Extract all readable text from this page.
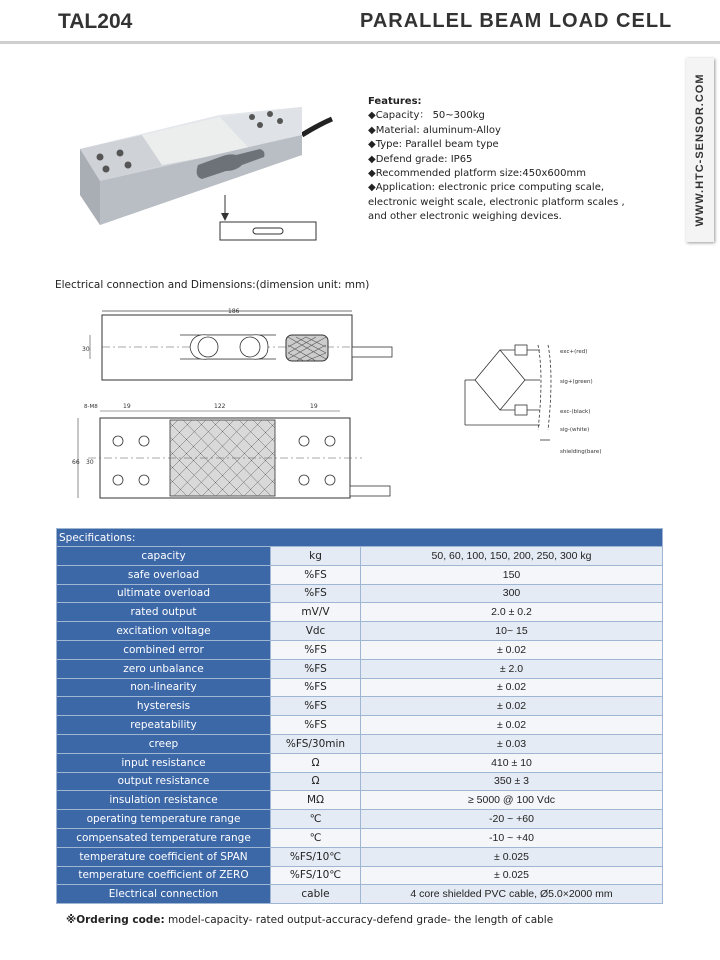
TAL204	PARALLEL BEAM LOAD CELL
WWW.HTC-SENSOR.COM
Features:
◆Capacity： 50~300kg
◆Material: aluminum-Alloy
◆Type: Parallel beam type
◆Defend grade: IP65
◆Recommended platform size:450x600mm
◆Application: electronic price computing scale,
electronic weight scale, electronic platform scales ,
and other electronic weighing devices.
Electrical connection and Dimensions:(dimension unit: mm)
186
30
8-M8	19	122	19
66 30
exc+(red)
sig+(green)
exc-(black)
sig-(white)
shielding(bare)
Specifications:		
capacity	kg	50, 60, 100, 150, 200, 250, 300 kg
safe overload	%FS	150
ultimate overload	%FS	300
rated output	mV/V	2.0 ± 0.2
excitation voltage	Vdc	10~ 15
combined error	%FS	± 0.02
zero unbalance	%FS	± 2.0
non-linearity	%FS	± 0.02
hysteresis	%FS	± 0.02
repeatability	%FS	± 0.02
creep	%FS/30min	± 0.03
input resistance	Ω	410 ± 10
output resistance	Ω	350 ± 3
insulation resistance	MΩ	≥ 5000 @ 100 Vdc
operating temperature range	℃	-20 ~ +60
compensated temperature range	℃	-10 ~ +40
temperature coefficient of SPAN	%FS/10℃	± 0.025
temperature coefficient of ZERO	%FS/10℃	± 0.025
Electrical connection	cable	4 core shielded PVC cable, Ø5.0×2000 mm
※Ordering code: model-capacity- rated output-accuracy-defend grade- the length of cable
